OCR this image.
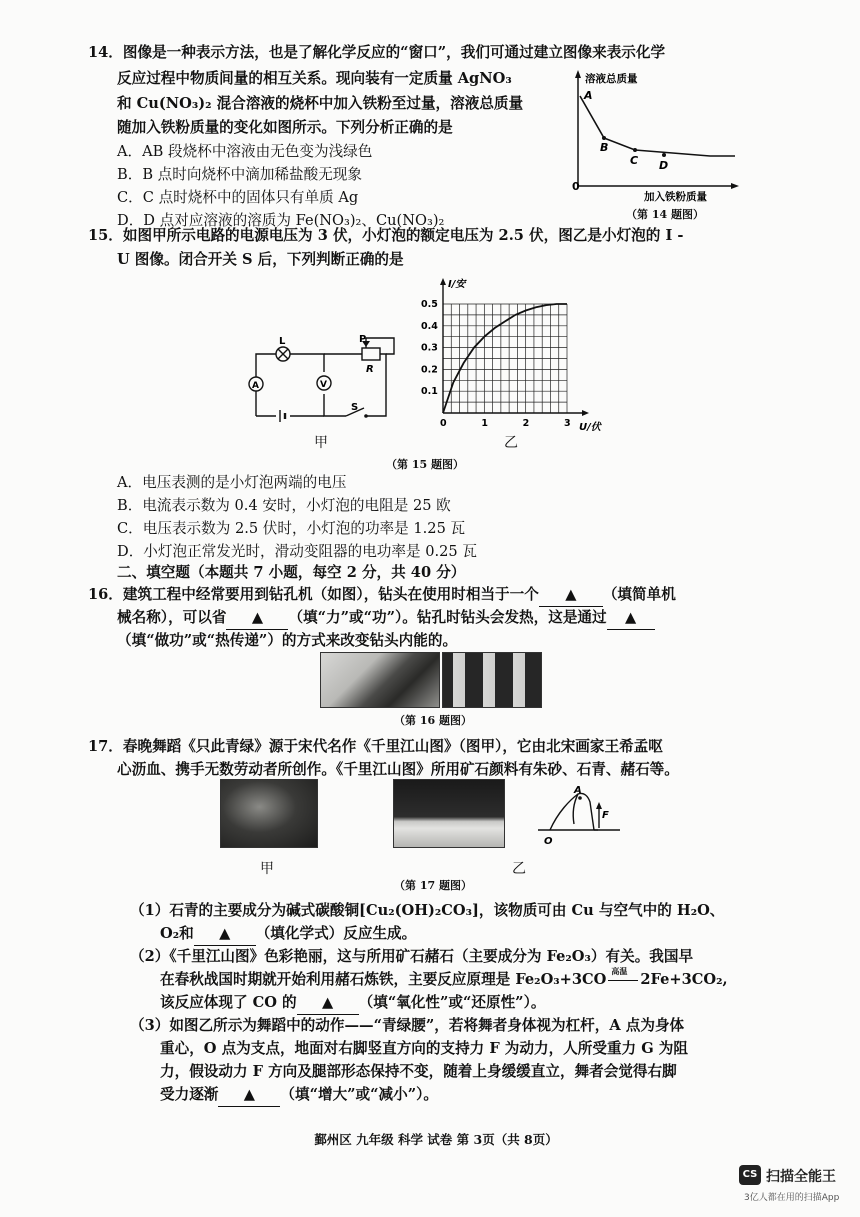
14．图像是一种表示方法，也是了解化学反应的“窗口”，我们可通过建立图像来表示化学
反应过程中物质间量的相互关系。现向装有一定质量 AgNO₃
和 Cu(NO₃)₂ 混合溶液的烧杯中加入铁粉至过量，溶液总质量
随加入铁粉质量的变化如图所示。下列分析正确的是
A．AB 段烧杯中溶液由无色变为浅绿色
B．B 点时向烧杯中滴加稀盐酸无现象
C．C 点时烧杯中的固体只有单质 Ag
D．D 点对应溶液的溶质为 Fe(NO₃)₂、Cu(NO₃)₂
溶液总质量
A
B
C D
0
加入铁粉质量
（第 14 题图）
15．如图甲所示电路的电源电压为 3 伏，小灯泡的额定电压为 2.5 伏，图乙是小灯泡的 I -
U 图像。闭合开关 S 后，下列判断正确的是
L	P
R
A	V
S
甲
I/安
U/伏
0	1	2	3
0.1
0.2
0.3
0.4
0.5
乙
（第 15 题图）
A．电压表测的是小灯泡两端的电压
B．电流表示数为 0.4 安时，小灯泡的电阻是 25 欧
C．电压表示数为 2.5 伏时，小灯泡的功率是 1.25 瓦
D．小灯泡正常发光时，滑动变阻器的电功率是 0.25 瓦
二、填空题（本题共 7 小题，每空 2 分，共 40 分）
16．建筑工程中经常要用到钻孔机（如图），钻头在使用时相当于一个 ▲ （填简单机
械名称），可以省 ▲ （填“力”或“功”）。钻孔时钻头会发热，这是通过 ▲
（填“做功”或“热传递”）的方式来改变钻头内能的。
（第 16 题图）
17．春晚舞蹈《只此青绿》源于宋代名作《千里江山图》（图甲），它由北宋画家王希孟呕
心沥血、携手无数劳动者所创作。《千里江山图》所用矿石颜料有朱砂、石青、赭石等。
甲	乙
A
F
O
（第 17 题图）
（1）石青的主要成分为碱式碳酸铜[Cu₂(OH)₂CO₃]，该物质可由 Cu 与空气中的 H₂O、
O₂和 ▲ （填化学式）反应生成。
（2）《千里江山图》色彩艳丽，这与所用矿石赭石（主要成分为 Fe₂O₃）有关。我国早
在春秋战国时期就开始利用赭石炼铁，主要反应原理是 Fe₂O₃+3CO 高温 2Fe+3CO₂,
该反应体现了 CO 的 ▲ （填“氧化性”或“还原性”）。
（3）如图乙所示为舞蹈中的动作——“青绿腰”，若将舞者身体视为杠杆，A 点为身体
重心，O 点为支点，地面对右脚竖直方向的支持力 F 为动力，人所受重力 G 为阻
力，假设动力 F 方向及腿部形态保持不变，随着上身缓缓直立，舞者会觉得右脚
受力逐渐 ▲ （填“增大”或“减小”）。
鄞州区 九年级 科学 试卷 第 3页（共 8页）
CS 扫描全能王
3亿人都在用的扫描App
